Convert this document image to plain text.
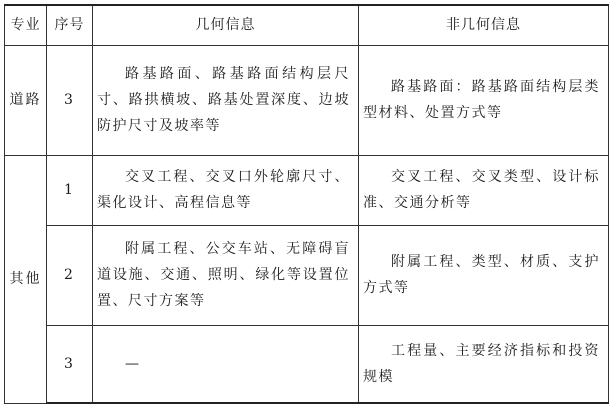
专业	序号	几何信息	非几何信息
道路	3	路基路面、路基路面结构层尺寸、路拱横坡、路基处置深度、边坡防护尺寸及坡率等	路基路面：路基路面结构层类型材料、处置方式等
其他	1	交叉工程、交叉口外轮廓尺寸、渠化设计、高程信息等	交叉工程、交叉类型、设计标准、交通分析等
	2	附属工程、公交车站、无障碍盲道设施、交通、照明、绿化等设置位置、尺寸方案等	附属工程、类型、材质、支护方式等
	3	—	工程量、主要经济指标和投资规模
